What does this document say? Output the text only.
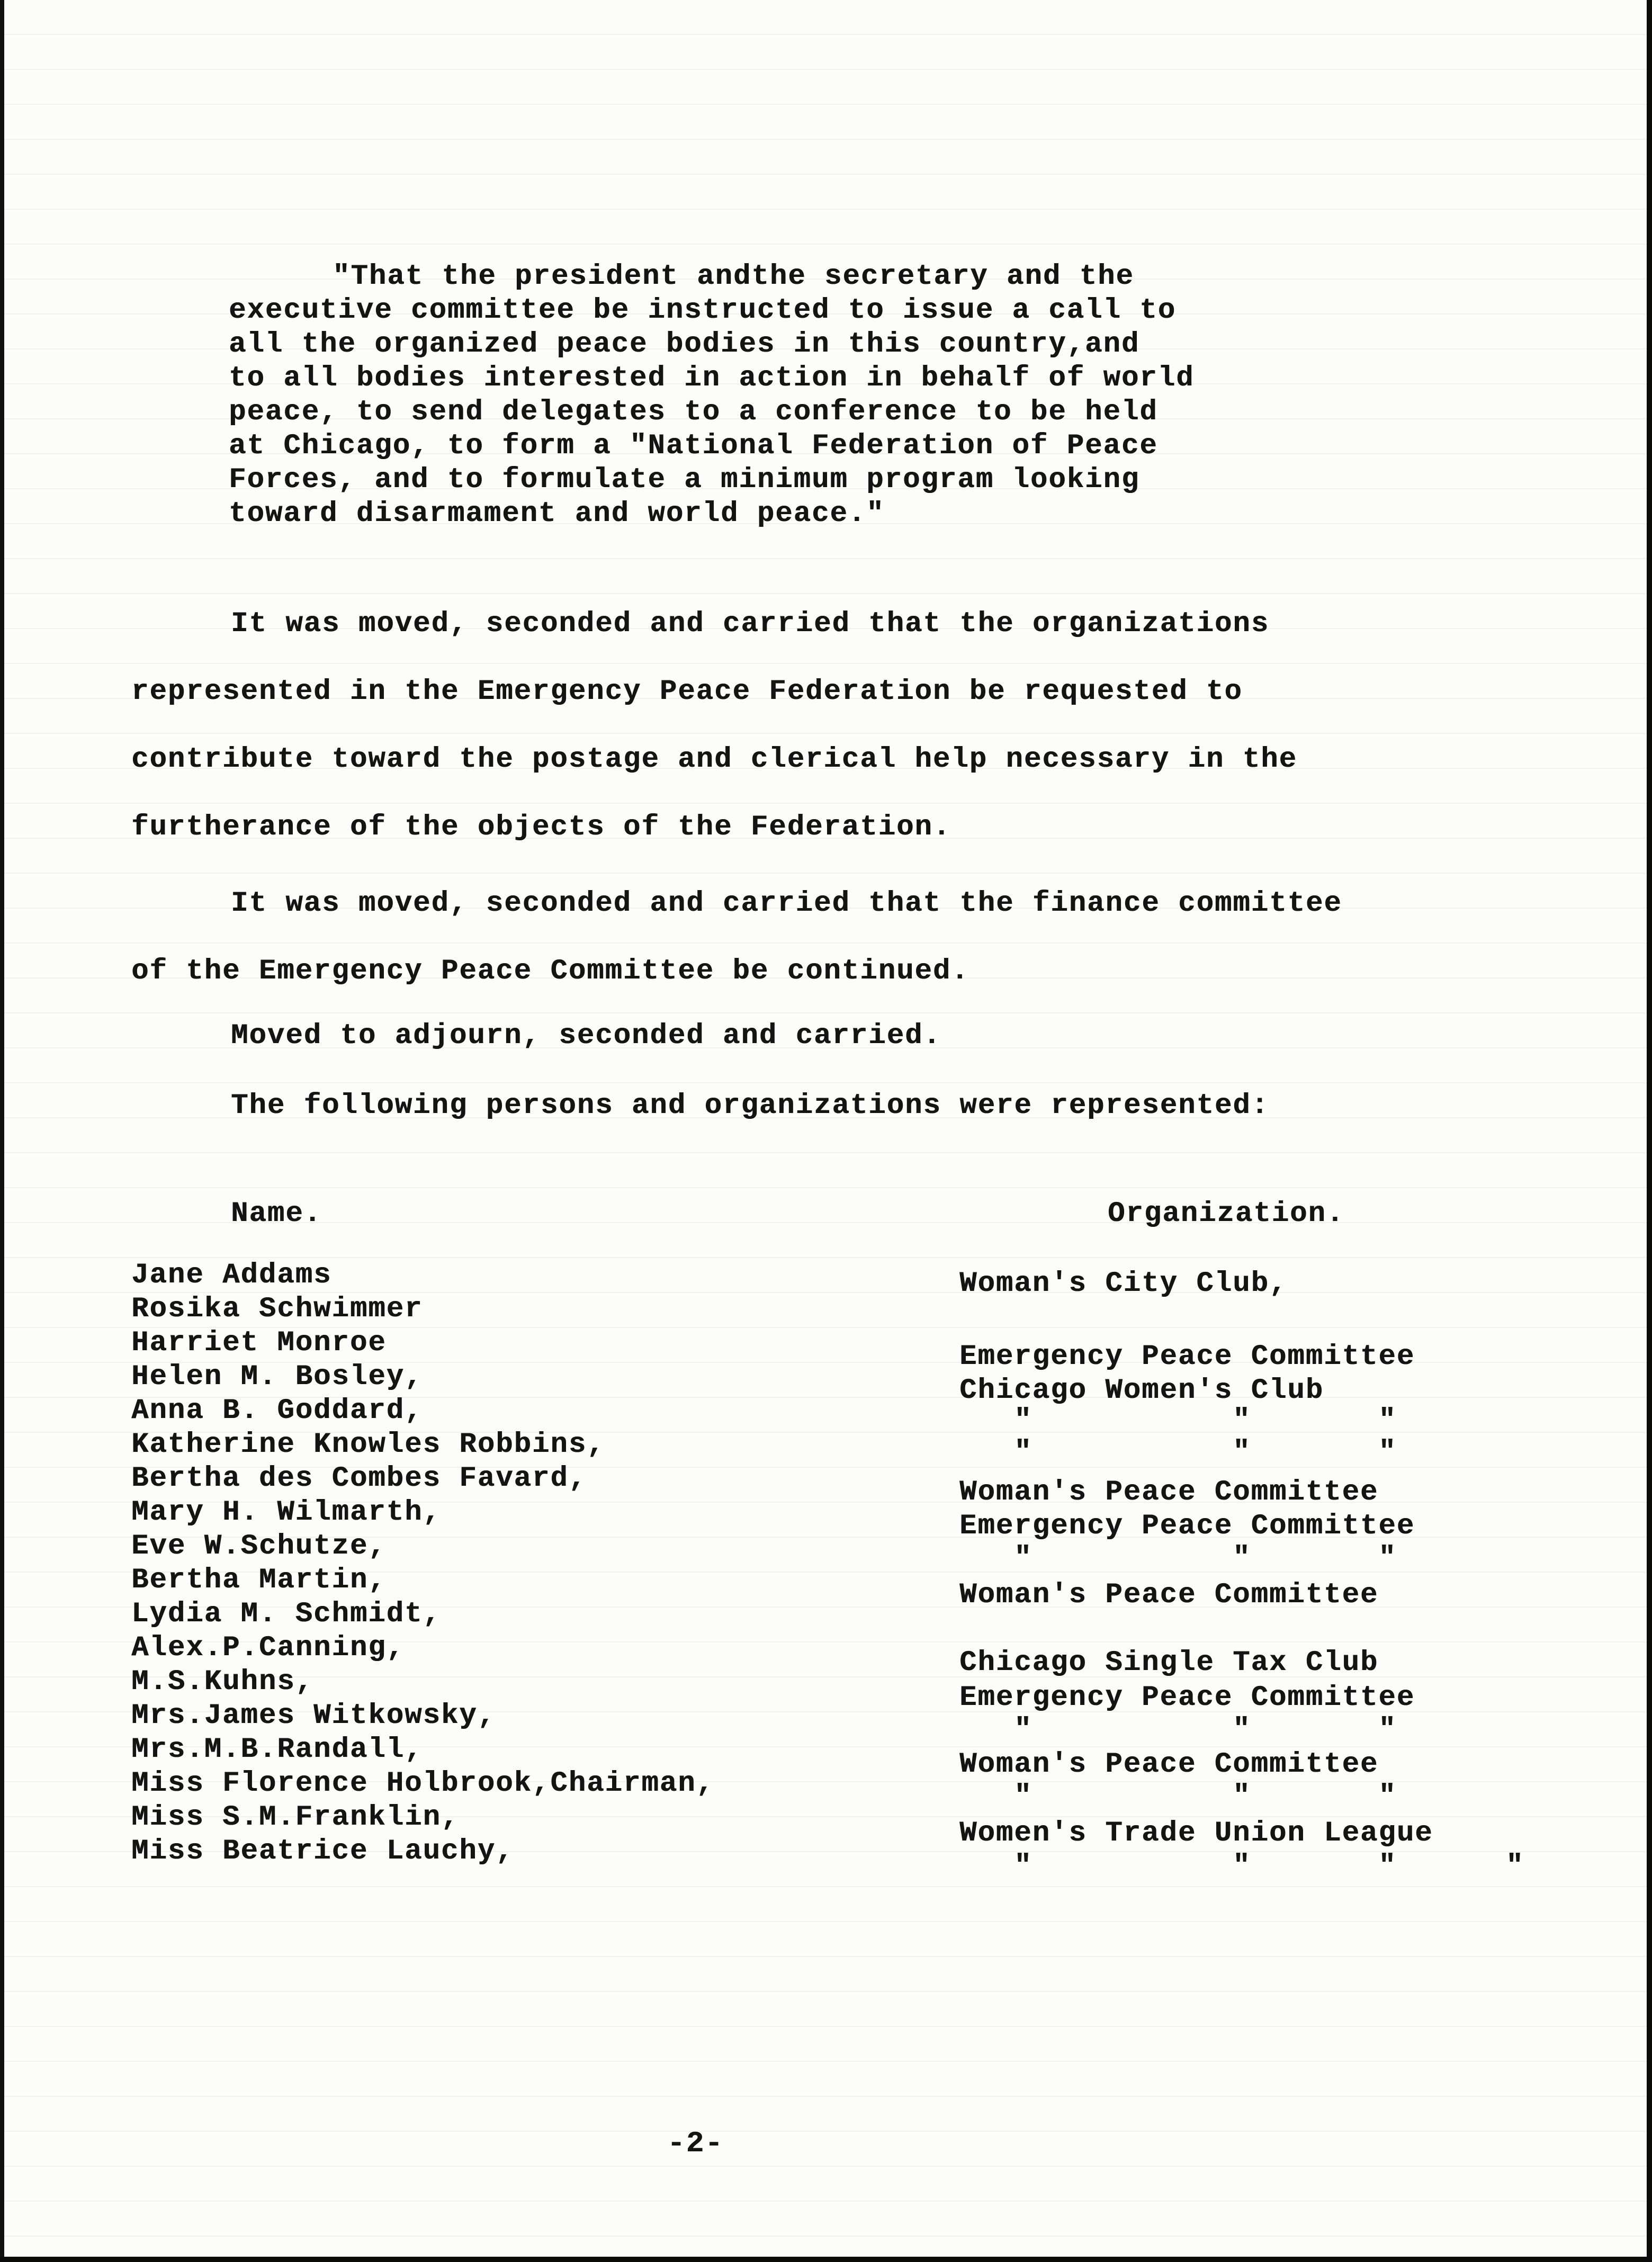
"That the president andthe secretary and the
executive committee be instructed to issue a call to
all the organized peace bodies in this country,and
to all bodies interested in action in behalf of world
peace, to send delegates to a conference to be held
at Chicago, to form a "National Federation of Peace
Forces, and to formulate a minimum program looking
toward disarmament and world peace."
It was moved, seconded and carried that the organizations
represented in the Emergency Peace Federation be requested to
contribute toward the postage and clerical help necessary in the
furtherance of the objects of the Federation.
It was moved, seconded and carried that the finance committee
of the Emergency Peace Committee be continued.
Moved to adjourn, seconded and carried.
The following persons and organizations were represented:
Name.	Organization.
Jane Addams
Rosika Schwimmer
Harriet Monroe
Helen M. Bosley,
Anna B. Goddard,
Katherine Knowles Robbins,
Bertha des Combes Favard,
Mary H. Wilmarth,
Eve W.Schutze,
Bertha Martin,
Lydia M. Schmidt,
Alex.P.Canning,
M.S.Kuhns,
Mrs.James Witkowsky,
Mrs.M.B.Randall,
Miss Florence Holbrook,Chairman,
Miss S.M.Franklin,
Miss Beatrice Lauchy,
Woman's City Club,
Emergency Peace Committee
Chicago Women's Club
"           "       "
"           "       "
Woman's Peace Committee
Emergency Peace Committee
"           "       "
Woman's Peace Committee
Chicago Single Tax Club
Emergency Peace Committee
"           "       "
Woman's Peace Committee
"           "       "
Women's Trade Union League
"           "       "      "
-2-
